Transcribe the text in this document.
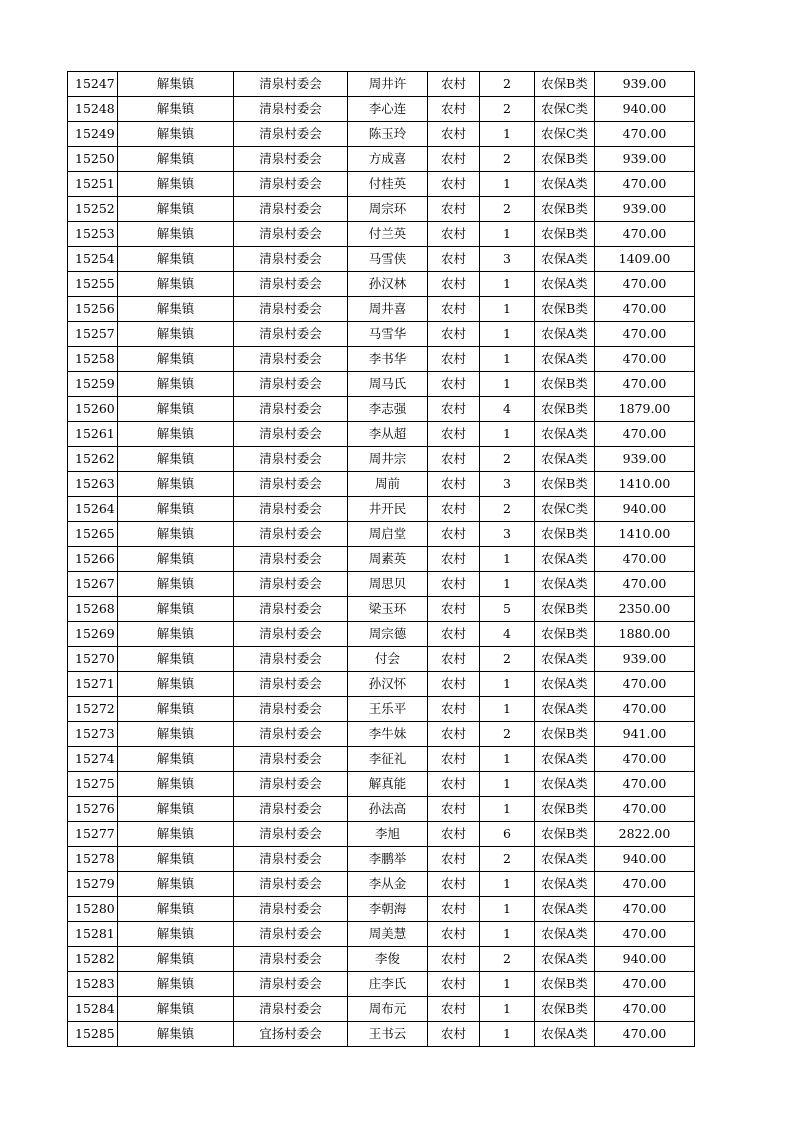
15247	解集镇	清泉村委会	周井许	农村	2	农保B类	939.00
15248	解集镇	清泉村委会	李心连	农村	2	农保C类	940.00
15249	解集镇	清泉村委会	陈玉玲	农村	1	农保C类	470.00
15250	解集镇	清泉村委会	方成喜	农村	2	农保B类	939.00
15251	解集镇	清泉村委会	付桂英	农村	1	农保A类	470.00
15252	解集镇	清泉村委会	周宗环	农村	2	农保B类	939.00
15253	解集镇	清泉村委会	付兰英	农村	1	农保B类	470.00
15254	解集镇	清泉村委会	马雪侠	农村	3	农保A类	1409.00
15255	解集镇	清泉村委会	孙汉林	农村	1	农保A类	470.00
15256	解集镇	清泉村委会	周井喜	农村	1	农保B类	470.00
15257	解集镇	清泉村委会	马雪华	农村	1	农保A类	470.00
15258	解集镇	清泉村委会	李书华	农村	1	农保A类	470.00
15259	解集镇	清泉村委会	周马氏	农村	1	农保B类	470.00
15260	解集镇	清泉村委会	李志强	农村	4	农保B类	1879.00
15261	解集镇	清泉村委会	李从超	农村	1	农保A类	470.00
15262	解集镇	清泉村委会	周井宗	农村	2	农保A类	939.00
15263	解集镇	清泉村委会	周前	农村	3	农保B类	1410.00
15264	解集镇	清泉村委会	井开民	农村	2	农保C类	940.00
15265	解集镇	清泉村委会	周启堂	农村	3	农保B类	1410.00
15266	解集镇	清泉村委会	周素英	农村	1	农保A类	470.00
15267	解集镇	清泉村委会	周思贝	农村	1	农保A类	470.00
15268	解集镇	清泉村委会	梁玉环	农村	5	农保B类	2350.00
15269	解集镇	清泉村委会	周宗德	农村	4	农保B类	1880.00
15270	解集镇	清泉村委会	付会	农村	2	农保A类	939.00
15271	解集镇	清泉村委会	孙汉怀	农村	1	农保A类	470.00
15272	解集镇	清泉村委会	王乐平	农村	1	农保A类	470.00
15273	解集镇	清泉村委会	李牛妹	农村	2	农保B类	941.00
15274	解集镇	清泉村委会	李征礼	农村	1	农保A类	470.00
15275	解集镇	清泉村委会	解真能	农村	1	农保A类	470.00
15276	解集镇	清泉村委会	孙法高	农村	1	农保B类	470.00
15277	解集镇	清泉村委会	李旭	农村	6	农保B类	2822.00
15278	解集镇	清泉村委会	李鹏举	农村	2	农保A类	940.00
15279	解集镇	清泉村委会	李从金	农村	1	农保A类	470.00
15280	解集镇	清泉村委会	李朝海	农村	1	农保A类	470.00
15281	解集镇	清泉村委会	周美慧	农村	1	农保A类	470.00
15282	解集镇	清泉村委会	李俊	农村	2	农保A类	940.00
15283	解集镇	清泉村委会	庄李氏	农村	1	农保B类	470.00
15284	解集镇	清泉村委会	周布元	农村	1	农保B类	470.00
15285	解集镇	宜扬村委会	王书云	农村	1	农保A类	470.00
